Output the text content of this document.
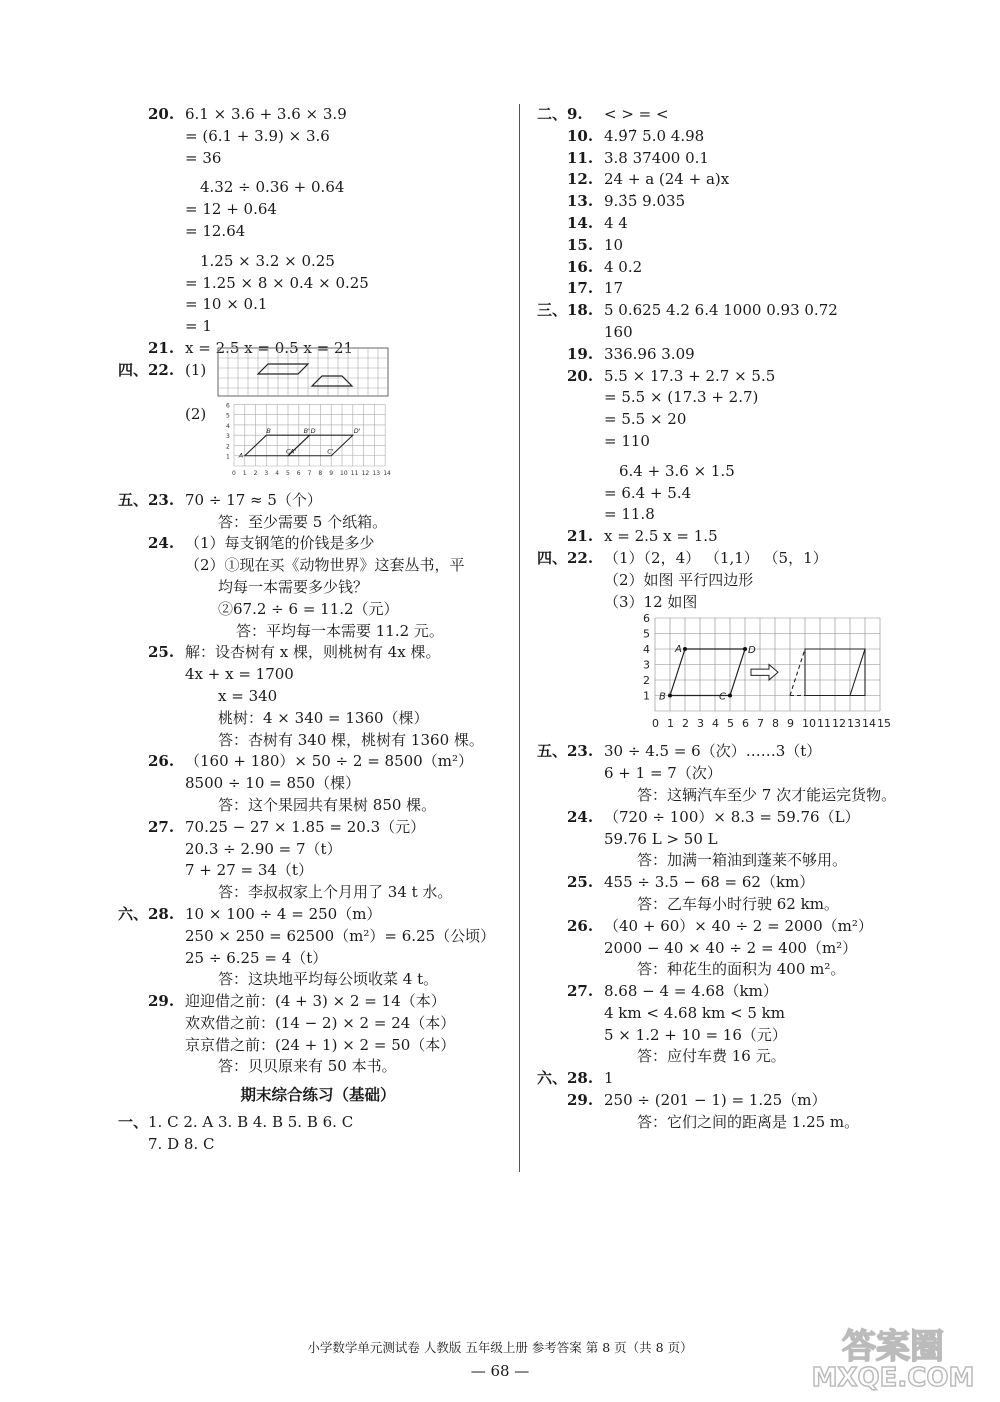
20. 6.1 × 3.6 + 3.6 × 3.9
= (6.1 + 3.9) × 3.6
= 36
4.32 ÷ 0.36 + 0.64
= 12 + 0.64
= 12.64
1.25 × 3.2 × 0.25
= 1.25 × 8 × 0.4 × 0.25
= 10 × 0.1
= 1
21. x = 2.5 x = 0.5 x = 21
四、 22. (1)
(2)	6
5
4
3
2
1
0 1 2 3 4 5 6 7 8 9 10 11 12 13 14
A
B
C
D
A'
B'
C'
D'
五、 23. 70 ÷ 17 ≈ 5（个）
答：至少需要 5 个纸箱。
24. （1）每支钢笔的价钱是多少
（2）①现在买《动物世界》这套丛书，平
均每一本需要多少钱？
②67.2 ÷ 6 = 11.2（元）
答：平均每一本需要 11.2 元。
25. 解：设杏树有 x 棵，则桃树有 4x 棵。
4x + x = 1700
x = 340
桃树：4 × 340 = 1360（棵）
答：杏树有 340 棵，桃树有 1360 棵。
26. （160 + 180）× 50 ÷ 2 = 8500（m²）
8500 ÷ 10 = 850（棵）
答：这个果园共有果树 850 棵。
27. 70.25 − 27 × 1.85 = 20.3（元）
20.3 ÷ 2.90 = 7（t）
7 + 27 = 34（t）
答：李叔叔家上个月用了 34 t 水。
六、 28. 10 × 100 ÷ 4 = 250（m）
250 × 250 = 62500（m²）= 6.25（公顷）
25 ÷ 6.25 = 4（t）
答：这块地平均每公顷收菜 4 t。
29. 迎迎借之前：(4 + 3) × 2 = 14（本）
欢欢借之前：(14 − 2) × 2 = 24（本）
京京借之前：(24 + 1) × 2 = 50（本）
答：贝贝原来有 50 本书。
期末综合练习（基础）
一、 1. C 2. A 3. B 4. B 5. B 6. C
7. D 8. C
二、 9. < > = <
10. 4.9̇7̇ 5.0 4.98
11. 3.8 37400 0.1
12. 24 + a (24 + a)x
13. 9.3̇5̇ 9.0̇35̇
14. 4 4
15. 10
16. 4 0.2
17. 17
三、 18. 5 0.625 4.2 6.4 1000 0.93 0.72
160
19. 336.96 3.09
20. 5.5 × 17.3 + 2.7 × 5.5
= 5.5 × (17.3 + 2.7)
= 5.5 × 20
= 110
6.4 + 3.6 × 1.5
= 6.4 + 5.4
= 11.8
21. x = 2.5 x = 1.5
四、 22. （1）（2，4） （1,1） （5，1）
（2）如图 平行四边形
（3）12 如图
6
5
4
3
2
1
0 1 2 3 4 5 6 7 8 9 10 11 12 13 14 15
A
B	C
D
五、 23. 30 ÷ 4.5 = 6（次）……3（t）
6 + 1 = 7（次）
答：这辆汽车至少 7 次才能运完货物。
24. （720 ÷ 100）× 8.3 = 59.76（L）
59.76 L > 50 L
答：加满一箱油到蓬莱不够用。
25. 455 ÷ 3.5 − 68 = 62（km）
答：乙车每小时行驶 62 km。
26. （40 + 60）× 40 ÷ 2 = 2000（m²）
2000 − 40 × 40 ÷ 2 = 400（m²）
答：种花生的面积为 400 m²。
27. 8.68 − 4 = 4.68（km）
4 km < 4.68 km < 5 km
5 × 1.2 + 10 = 16（元）
答：应付车费 16 元。
六、 28. 1
29. 250 ÷ (201 − 1) = 1.25（m）
答：它们之间的距离是 1.25 m。
小学数学单元测试卷 人教版 五年级上册 参考答案 第 8 页（共 8 页）
— 68 —
答案圈
MXQE.COM
